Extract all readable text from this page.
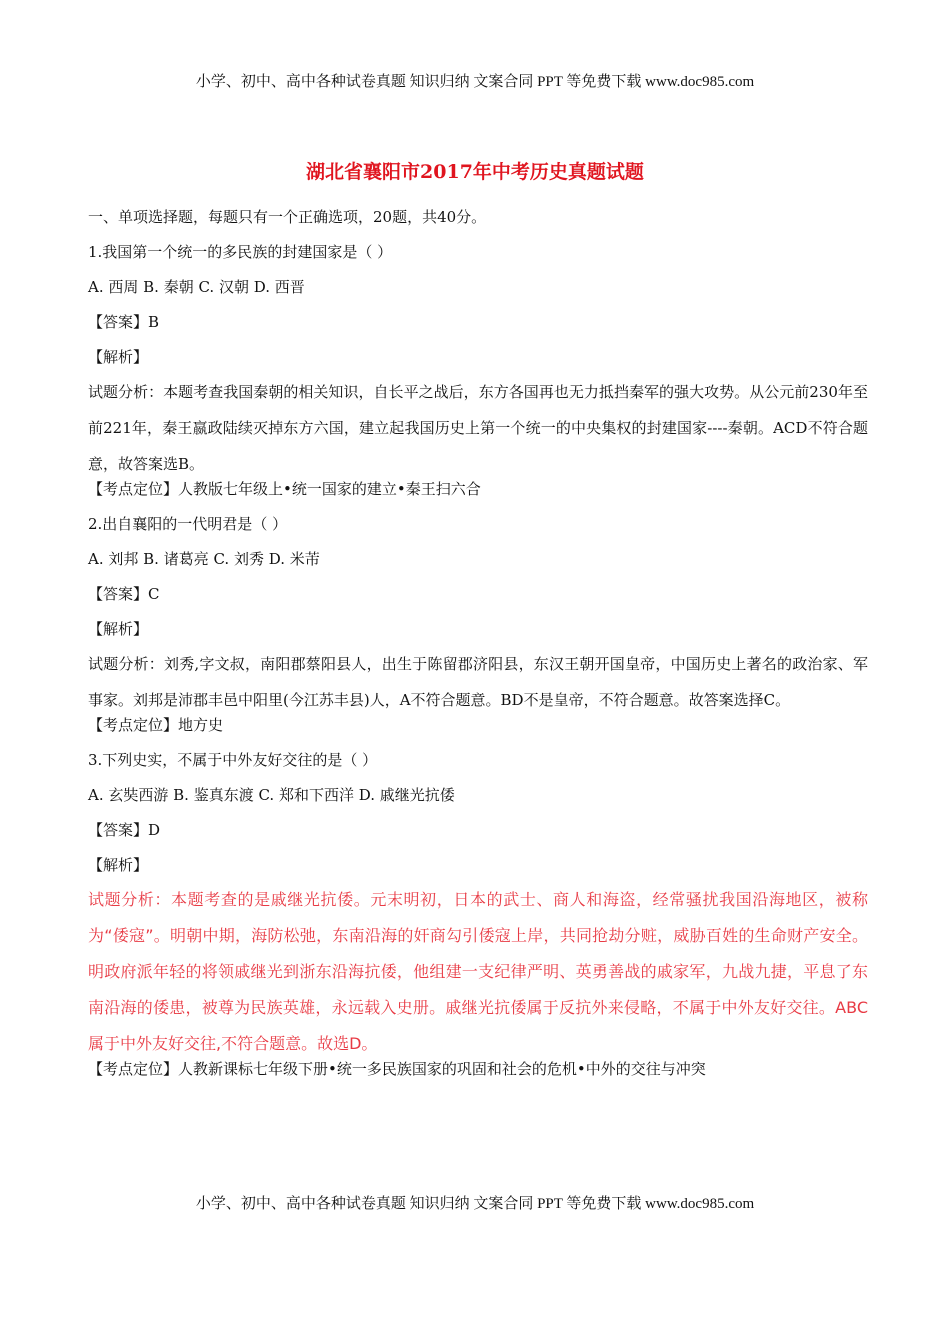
小学、初中、高中各种试卷真题 知识归纳 文案合同 PPT 等免费下载 www.doc985.com
湖北省襄阳市2017年中考历史真题试题

一、单项选择题，每题只有一个正确选项，20题，共40分。

1.我国第一个统一的多民族的封建国家是（ ）

A. 西周 B. 秦朝 C. 汉朝 D. 西晋

【答案】B

【解析】

试题分析：本题考查我国秦朝的相关知识，自长平之战后，东方各国再也无力抵挡秦军的强大攻势。从公元前230年至前221年，秦王嬴政陆续灭掉东方六国，建立起我国历史上第一个统一的中央集权的封建国家----秦朝。ACD不符合题意，故答案选B。

【考点定位】人教版七年级上•统一国家的建立•秦王扫六合

2.出自襄阳的一代明君是（ ）

A. 刘邦 B. 诸葛亮 C. 刘秀 D. 米芾

【答案】C

【解析】

试题分析：刘秀,字文叔，南阳郡蔡阳县人，出生于陈留郡济阳县，东汉王朝开国皇帝，中国历史上著名的政治家、军事家。刘邦是沛郡丰邑中阳里(今江苏丰县)人，A不符合题意。BD不是皇帝，不符合题意。故答案选择C。

【考点定位】地方史

3.下列史实，不属于中外友好交往的是（ ）

A. 玄奘西游 B. 鉴真东渡 C. 郑和下西洋 D. 戚继光抗倭

【答案】D

【解析】

试题分析：本题考查的是戚继光抗倭。元末明初，日本的武士、商人和海盗，经常骚扰我国沿海地区，被称为“倭寇”。明朝中期，海防松弛，东南沿海的奸商勾引倭寇上岸，共同抢劫分赃，威胁百姓的生命财产安全。明政府派年轻的将领戚继光到浙东沿海抗倭，他组建一支纪律严明、英勇善战的戚家军，九战九捷，平息了东南沿海的倭患，被尊为民族英雄，永远载入史册。戚继光抗倭属于反抗外来侵略，不属于中外友好交往。ABC属于中外友好交往,不符合题意。故选D。

【考点定位】人教新课标七年级下册•统一多民族国家的巩固和社会的危机•中外的交往与冲突

小学、初中、高中各种试卷真题 知识归纳 文案合同 PPT 等免费下载 www.doc985.com
